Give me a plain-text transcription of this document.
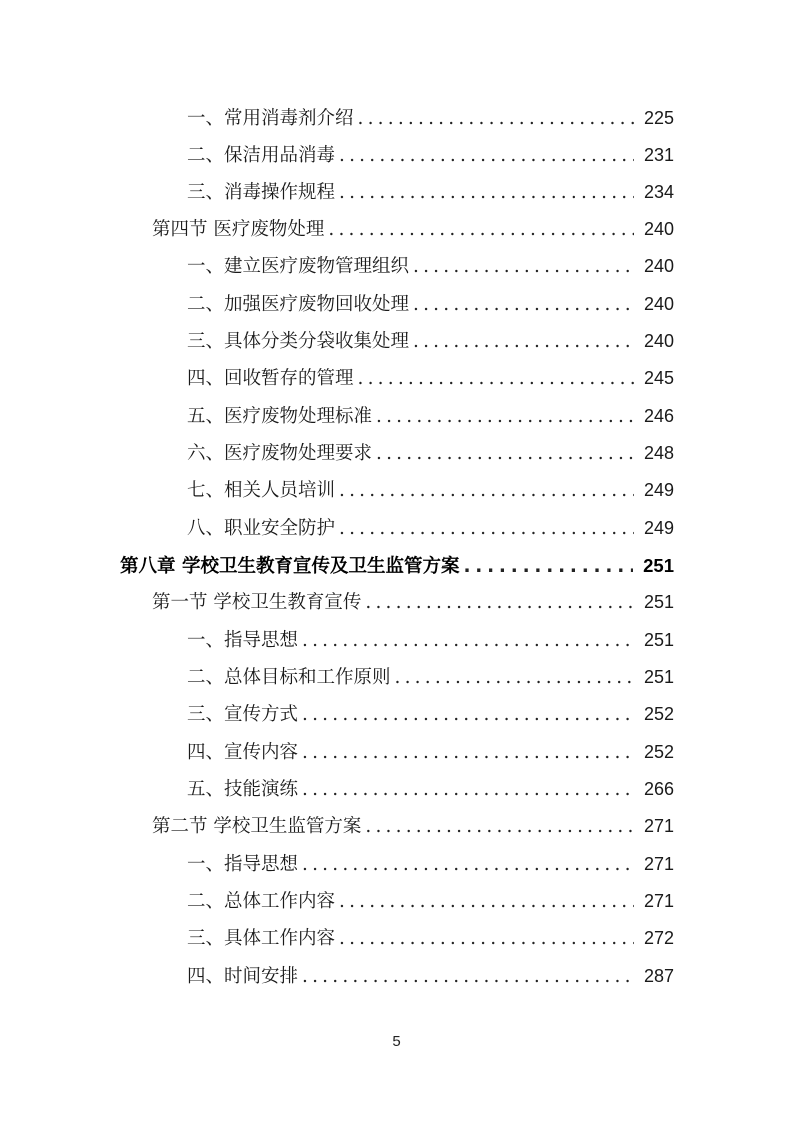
一、常用消毒剂介绍 .....	225
二、保洁用品消毒 .....	231
三、消毒操作规程 .....	234
第四节 医疗废物处理 .....	240
一、建立医疗废物管理组织 .....	240
二、加强医疗废物回收处理 .....	240
三、具体分类分袋收集处理 .....	240
四、回收暂存的管理 .....	245
五、医疗废物处理标准 .....	246
六、医疗废物处理要求 .....	248
七、相关人员培训 .....	249
八、职业安全防护 .....	249
第八章 学校卫生教育宣传及卫生监管方案 .....	251
第一节 学校卫生教育宣传 .....	251
一、指导思想 .....	251
二、总体目标和工作原则 .....	251
三、宣传方式 .....	252
四、宣传内容 .....	252
五、技能演练 .....	266
第二节 学校卫生监管方案 .....	271
一、指导思想 .....	271
二、总体工作内容 .....	271
三、具体工作内容 .....	272
四、时间安排 .....	287
5
